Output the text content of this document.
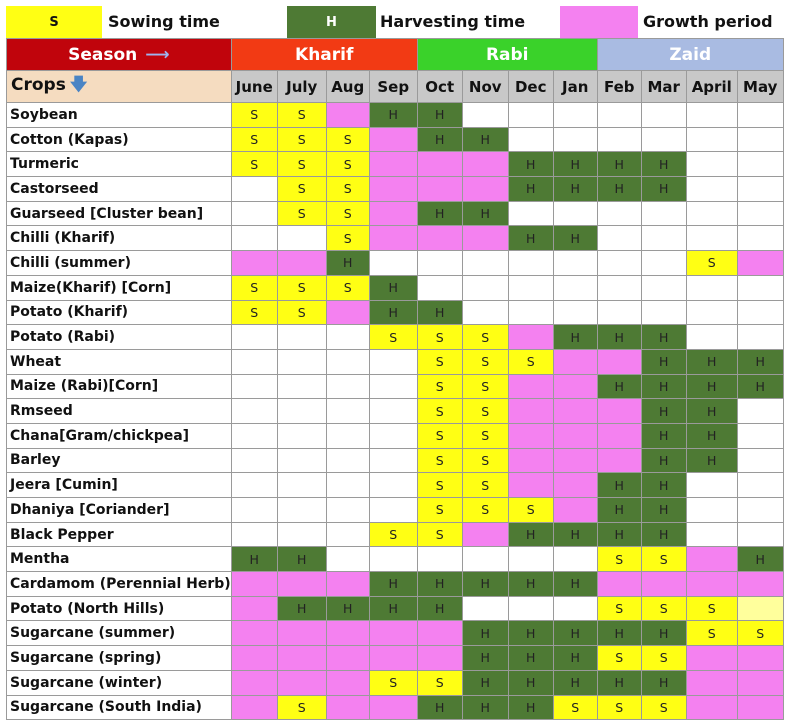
S	Sowing time	H	Harvesting time	Growth period
Season ⟶	Kharif				Rabi				Zaid			
Crops 🡇	June	July	Aug	Sep	Oct	Nov	Dec	Jan	Feb	Mar	April	May
Soybean	S	S		H	H							
Cotton (Kapas)	S	S	S		H	H						
Turmeric	S	S	S				H	H	H	H		
Castorseed		S	S				H	H	H	H		
Guarseed [Cluster bean]		S	S		H	H						
Chilli (Kharif)			S				H	H				
Chilli (summer)			H								S	
Maize(Kharif) [Corn]	S	S	S	H								
Potato (Kharif)	S	S		H	H							
Potato (Rabi)				S	S	S		H	H	H		
Wheat					S	S	S			H	H	H
Maize (Rabi)[Corn]					S	S			H	H	H	H
Rmseed					S	S				H	H	
Chana[Gram/chickpea]					S	S				H	H	
Barley					S	S				H	H	
Jeera [Cumin]					S	S			H	H		
Dhaniya [Coriander]					S	S	S		H	H		
Black Pepper				S	S		H	H	H	H		
Mentha	H	H							S	S		H
Cardamom (Perennial Herb)				H	H	H	H	H				
Potato (North Hills)		H	H	H	H				S	S	S	
Sugarcane (summer)						H	H	H	H	H	S	S
Sugarcane (spring)						H	H	H	S	S		
Sugarcane (winter)				S	S	H	H	H	H	H		
Sugarcane (South India)		S			H	H	H	S	S	S		
